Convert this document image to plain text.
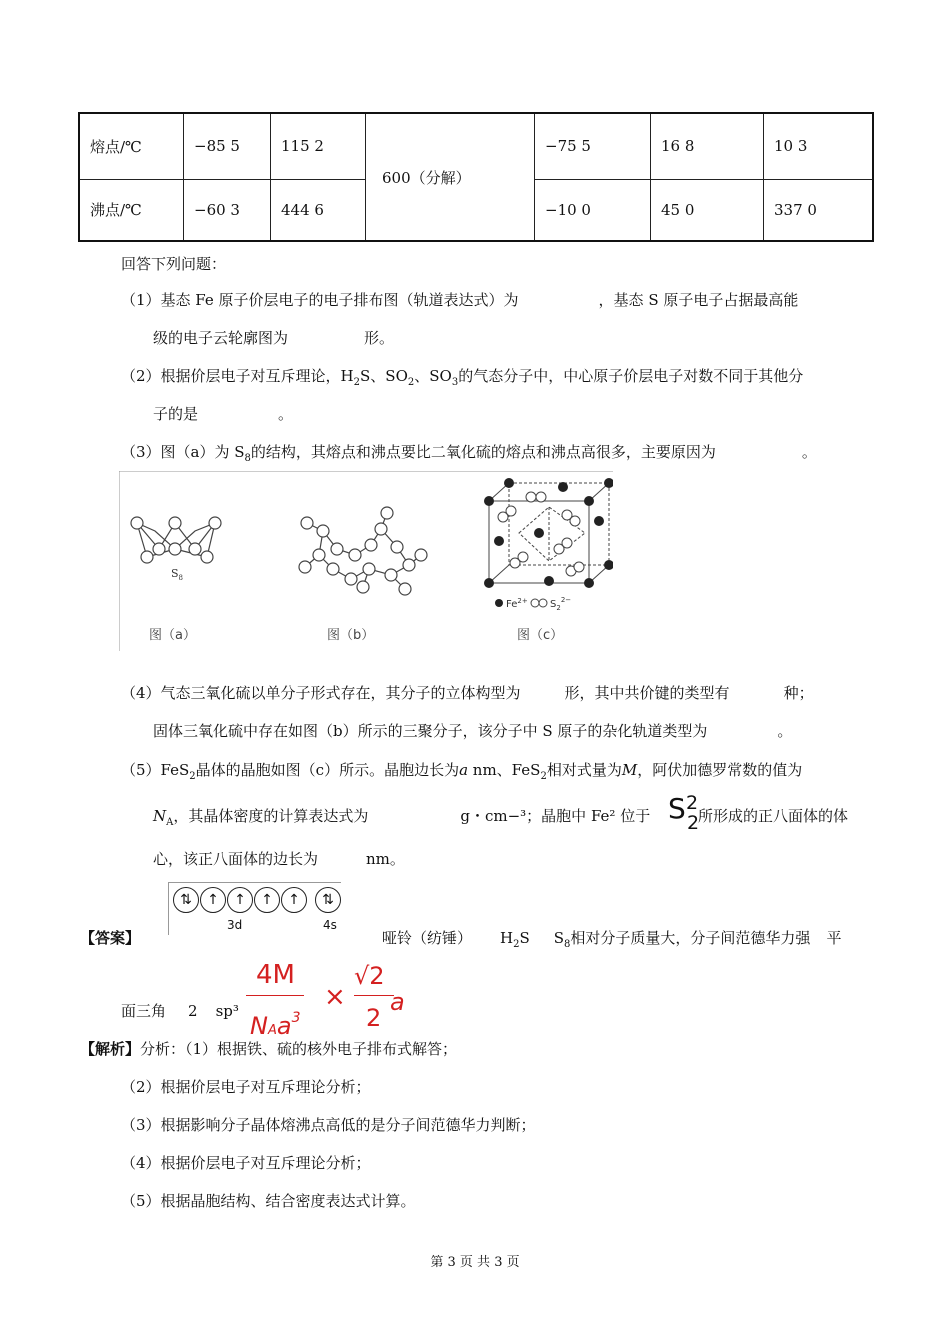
熔点/℃	−85 5	115 2	600（分解）	−75 5	16 8	10 3
沸点/℃	−60 3	444 6		−10 0	45 0	337 0
回答下列问题：
（1）基态 Fe 原子价层电子的电子排布图（轨道表达式）为	，基态 S 原子电子占据最高能
级的电子云轮廓图为	形。
（2）根据价层电子对互斥理论，$H_2S$、$SO_2$、$SO_3$的气态分子中，中心原子价层电子对数不同于其他分
子的是	。
（3）图（a）为 $S_8$的结构，其熔点和沸点要比二氧化硫的熔点和沸点高很多，主要原因为	。
$S_8$
$Fe^{2+}$ $S_2^{2-}$
图（a）	图（b）	图（c）
（4）气态三氧化硫以单分子形式存在，其分子的立体构型为	形，其中共价键的类型有	种；
固体三氧化硫中存在如图（b）所示的三聚分子，该分子中 S 原子的杂化轨道类型为	。
（5）FeS$_2$晶体的晶胞如图（c）所示。晶胞边长为a nm、FeS$_2$相对式量为M，阿伏加德罗常数的值为
$N_A$，其晶体密度的计算表达式为	g・cm−³；晶胞中 Fe² 位于 S 2
2
所形成的正八面体的体
心，该正八面体的边长为	nm。
⇅	↑	↑	↑	↑	⇅
3d	4s
【答案】	哑铃（纺锤） $H_2S$ $S_8$相对分子质量大，分子间范德华力强 平
面三角 2 sp³
4M
NAa$^3$
×
√2
2
a
【解析】分析：（1）根据铁、硫的核外电子排布式解答；
（2）根据价层电子对互斥理论分析；
（3）根据影响分子晶体熔沸点高低的是分子间范德华力判断；
（4）根据价层电子对互斥理论分析；
（5）根据晶胞结构、结合密度表达式计算。
第 3 页 共 3 页
